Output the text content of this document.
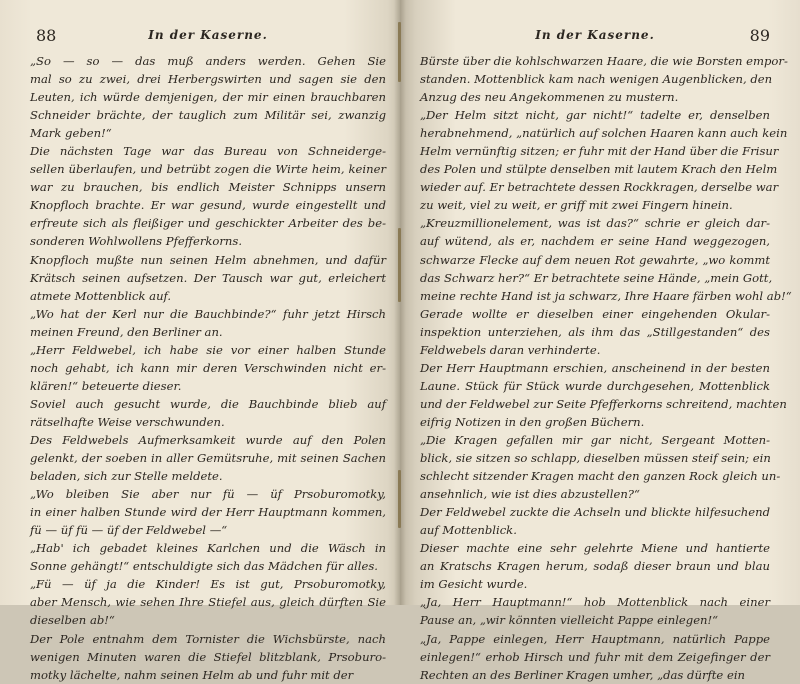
88	In der Kaserne.

„So — so — das muß anders werden. Gehen Sie

mal so zu zwei, drei Herbergswirten und sagen sie den

Leuten, ich würde demjenigen, der mir einen brauchbaren

Schneider brächte, der tauglich zum Militär sei, zwanzig

Mark geben!“

Die nächsten Tage war das Bureau von Schneiderge-

sellen überlaufen, und betrübt zogen die Wirte heim, keiner

war zu brauchen, bis endlich Meister Schnipps unsern

Knopfloch brachte. Er war gesund, wurde eingestellt und

erfreute sich als fleißiger und geschickter Arbeiter des be-

sonderen Wohlwollens Pfefferkorns.

Knopfloch mußte nun seinen Helm abnehmen, und dafür

Krätsch seinen aufsetzen. Der Tausch war gut, erleichert

atmete Mottenblick auf.

„Wo hat der Kerl nur die Bauchbinde?“ fuhr jetzt Hirsch

meinen Freund, den Berliner an.

„Herr Feldwebel, ich habe sie vor einer halben Stunde

noch gehabt, ich kann mir deren Verschwinden nicht er-

klären!“ beteuerte dieser.

Soviel auch gesucht wurde, die Bauchbinde blieb auf

rätselhafte Weise verschwunden.

Des Feldwebels Aufmerksamkeit wurde auf den Polen

gelenkt, der soeben in aller Gemütsruhe, mit seinen Sachen

beladen, sich zur Stelle meldete.

„Wo bleiben Sie aber nur fü — üf Prsoburomotky,

in einer halben Stunde wird der Herr Hauptmann kommen,

fü — üf fü — üf der Feldwebel —“

„Hab' ich gebadet kleines Karlchen und die Wäsch in

Sonne gehängt!“ entschuldigte sich das Mädchen für alles.

„Fü — üf ja die Kinder! Es ist gut, Prsoburomotky,

aber Mensch, wie sehen Ihre Stiefel aus, gleich dürften Sie

dieselben ab!“

Der Pole entnahm dem Tornister die Wichsbürste, nach

wenigen Minuten waren die Stiefel blitzblank, Prsoburo-

motky lächelte, nahm seinen Helm ab und fuhr mit der

In der Kaserne.	89

Bürste über die kohlschwarzen Haare, die wie Borsten empor-

standen. Mottenblick kam nach wenigen Augenblicken, den

Anzug des neu Angekommenen zu mustern.

„Der Helm sitzt nicht, gar nicht!“ tadelte er, denselben

herabnehmend, „natürlich auf solchen Haaren kann auch kein

Helm vernünftig sitzen; er fuhr mit der Hand über die Frisur

des Polen und stülpte denselben mit lautem Krach den Helm

wieder auf. Er betrachtete dessen Rockkragen, derselbe war

zu weit, viel zu weit, er griff mit zwei Fingern hinein.

„Kreuzmillionelement, was ist das?“ schrie er gleich dar-

auf wütend, als er, nachdem er seine Hand weggezogen,

schwarze Flecke auf dem neuen Rot gewahrte, „wo kommt

das Schwarz her?“ Er betrachtete seine Hände, „mein Gott,

meine rechte Hand ist ja schwarz, Ihre Haare färben wohl ab!“

Gerade wollte er dieselben einer eingehenden Okular-

inspektion unterziehen, als ihm das „Stillgestanden“ des

Feldwebels daran verhinderte.

Der Herr Hauptmann erschien, anscheinend in der besten

Laune. Stück für Stück wurde durchgesehen, Mottenblick

und der Feldwebel zur Seite Pfefferkorns schreitend, machten

eifrig Notizen in den großen Büchern.

„Die Kragen gefallen mir gar nicht, Sergeant Motten-

blick, sie sitzen so schlapp, dieselben müssen steif sein; ein

schlecht sitzender Kragen macht den ganzen Rock gleich un-

ansehnlich, wie ist dies abzustellen?“

Der Feldwebel zuckte die Achseln und blickte hilfesuchend

auf Mottenblick.

Dieser machte eine sehr gelehrte Miene und hantierte

an Kratschs Kragen herum, sodaß dieser braun und blau

im Gesicht wurde.

„Ja, Herr Hauptmann!“ hob Mottenblick nach einer

Pause an, „wir könnten vielleicht Pappe einlegen!“

„Ja, Pappe einlegen, Herr Hauptmann, natürlich Pappe

einlegen!“ erhob Hirsch und fuhr mit dem Zeigefinger der

Rechten an des Berliner Kragen umher, „das dürfte ein
